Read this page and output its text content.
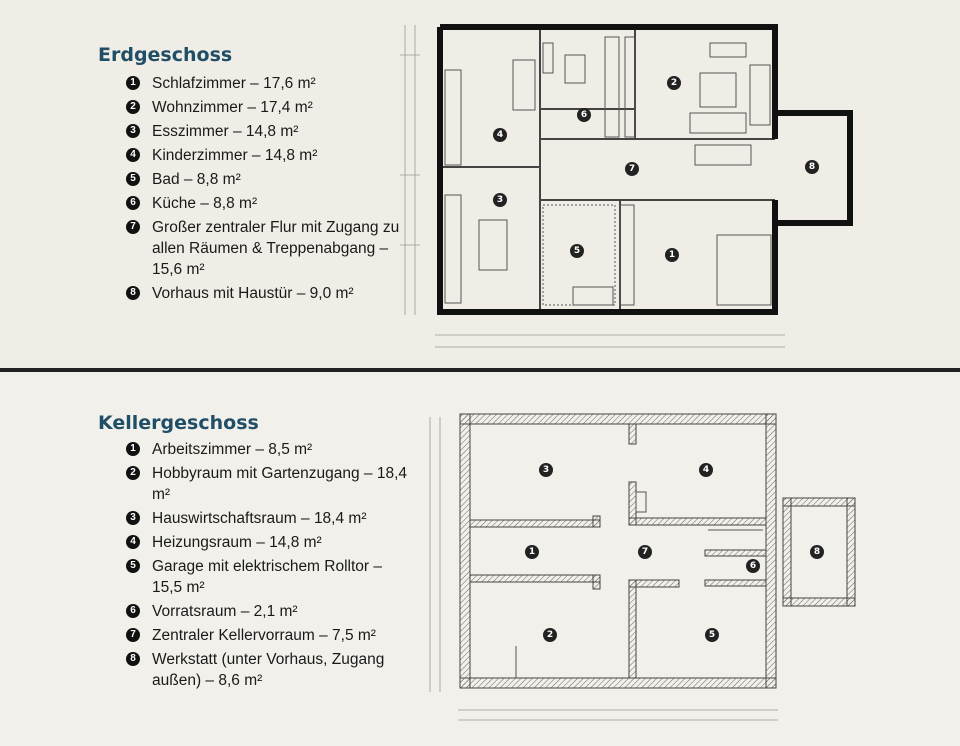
Erdgeschoss
1 Schlafzimmer – 17,6 m²
2 Wohnzimmer – 17,4 m²
3 Esszimmer – 14,8 m²
4 Kinderzimmer – 14,8 m²
5 Bad – 8,8 m²
6 Küche – 8,8 m²
7 Großer zentraler Flur mit Zugang zu allen Räumen & Treppenabgang – 15,6 m²
8 Vorhaus mit Haustür – 9,0 m²
1
2
3
4
5
6
7	8
Kellergeschoss
1 Arbeitszimmer – 8,5 m²
2 Hobbyraum mit Gartenzugang – 18,4 m²
3 Hauswirtschaftsraum – 18,4 m²
4 Heizungsraum – 14,8 m²
5 Garage mit elektrischem Rolltor – 15,5 m²
6 Vorratsraum – 2,1 m²
7 Zentraler Kellervorraum – 7,5 m²
8 Werkstatt (unter Vorhaus, Zugang außen) – 8,6 m²
1
2
3	4
5
6
7	8
